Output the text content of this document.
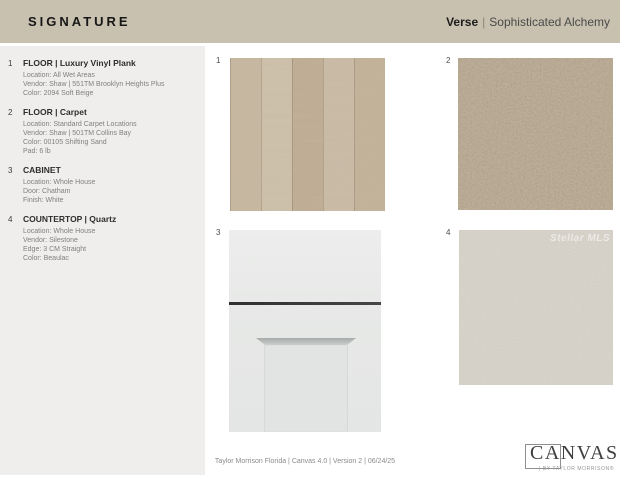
SIGNATURE	Verse | Sophisticated Alchemy
1	FLOOR | Luxury Vinyl Plank
Location: All Wet Areas
Vendor: Shaw | 551TM Brooklyn Heights Plus
Color: 2094 Soft Beige
2	FLOOR | Carpet
Location: Standard Carpet Locations
Vendor: Shaw | 501TM Collins Bay
Color: 00105 Shifting Sand
Pad: 6 lb
3	CABINET
Location: Whole House
Door: Chatham
Finish: White
4	COUNTERTOP | Quartz
Location: Whole House
Vendor: Silestone
Edge: 3 CM Straight
Color: Beaulac
1	2
3	4
Stellar MLS
Taylor Morrison Florida | Canvas 4.0 | Version 2 | 06/24/25	CANVAS
| BY TAYLOR MORRISON®
